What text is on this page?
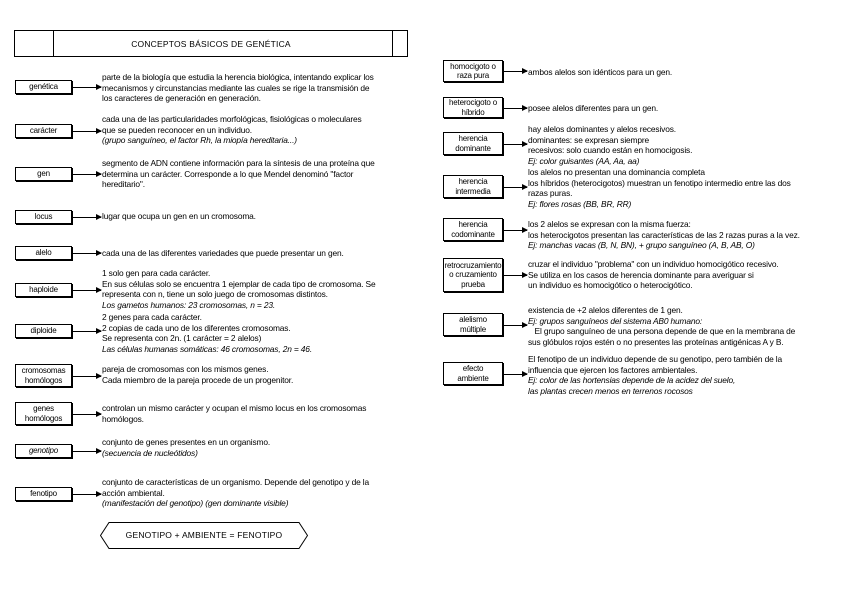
CONCEPTOS BÁSICOS DE GENÉTICA
genética
parte de la biología que estudia la herencia biológica, intentando explicar los
mecanismos y circunstancias mediante las cuales se rige la transmisión de
los caracteres de generación en generación.
carácter
cada una de las particularidades morfológicas, fisiológicas o moleculares
que se pueden reconocer en un individuo.
(grupo sanguíneo, el factor Rh, la miopía hereditaria...)
gen
segmento de ADN contiene información para la síntesis de una proteína que
determina un carácter. Corresponde a lo que Mendel denominó "factor
hereditario".
locus	lugar que ocupa un gen en un cromosoma.
alelo	cada una de las diferentes variedades que puede presentar un gen.
haploide
1 solo gen para cada carácter.
En sus células solo se encuentra 1 ejemplar de cada tipo de cromosoma. Se
representa con n, tiene un solo juego de cromosomas distintos.
Los gametos humanos: 23 cromosomas, n = 23.
diploide
2 genes para cada carácter.
2 copias de cada uno de los diferentes cromosomas.
Se representa con 2n. (1 carácter = 2 alelos)
Las células humanas somáticas: 46 cromosomas, 2n = 46.
cromosomas
homólogos
pareja de cromosomas con los mismos genes.
Cada miembro de la pareja procede de un progenitor.
genes
homólogos
controlan un mismo carácter y ocupan el mismo locus en los cromosomas
homólogos.
genotipo
conjunto de genes presentes en un organismo.
(secuencia de nucleótidos)
fenotipo
conjunto de características de un organismo. Depende del genotipo y de la
acción ambiental.
(manifestación del genotipo) (gen dominante visible)
homocigoto o
raza pura	ambos alelos son idénticos para un gen.
heterocigoto o
híbrido	posee alelos diferentes para un gen.
herencia
dominante
hay alelos dominantes y alelos recesivos.
dominantes: se expresan siempre
recesivos: solo cuando están en homocigosis.
Ej: color guisantes (AA, Aa, aa)
herencia
intermedia
los alelos no presentan una dominancia completa
los híbridos (heterocigotos) muestran un fenotipo intermedio entre las dos
razas puras.
Ej: flores rosas (BB, BR, RR)
herencia
codominante
los 2 alelos se expresan con la misma fuerza:
los heterocigotos presentan las características de las 2 razas puras a la vez.
Ej: manchas vacas (B, N, BN), + grupo sanguíneo (A, B, AB, O)
retrocruzamiento
o cruzamiento
prueba
cruzar el individuo "problema" con un individuo homocigótico recesivo.
Se utiliza en los casos de herencia dominante para averiguar si
un individuo es homocigótico o heterocigótico.
alelismo
múltiple
existencia de +2 alelos diferentes de 1 gen.
Ej: grupos sanguíneos del sistema AB0 humano:
El grupo sanguíneo de una persona depende de que en la membrana de
sus glóbulos rojos estén o no presentes las proteínas antigénicas A y B.
efecto
ambiente
El fenotipo de un individuo depende de su genotipo, pero también de la
influencia que ejercen los factores ambientales.
Ej: color de las hortensias depende de la acidez del suelo,
las plantas crecen menos en terrenos rocosos
GENOTIPO + AMBIENTE = FENOTIPO
